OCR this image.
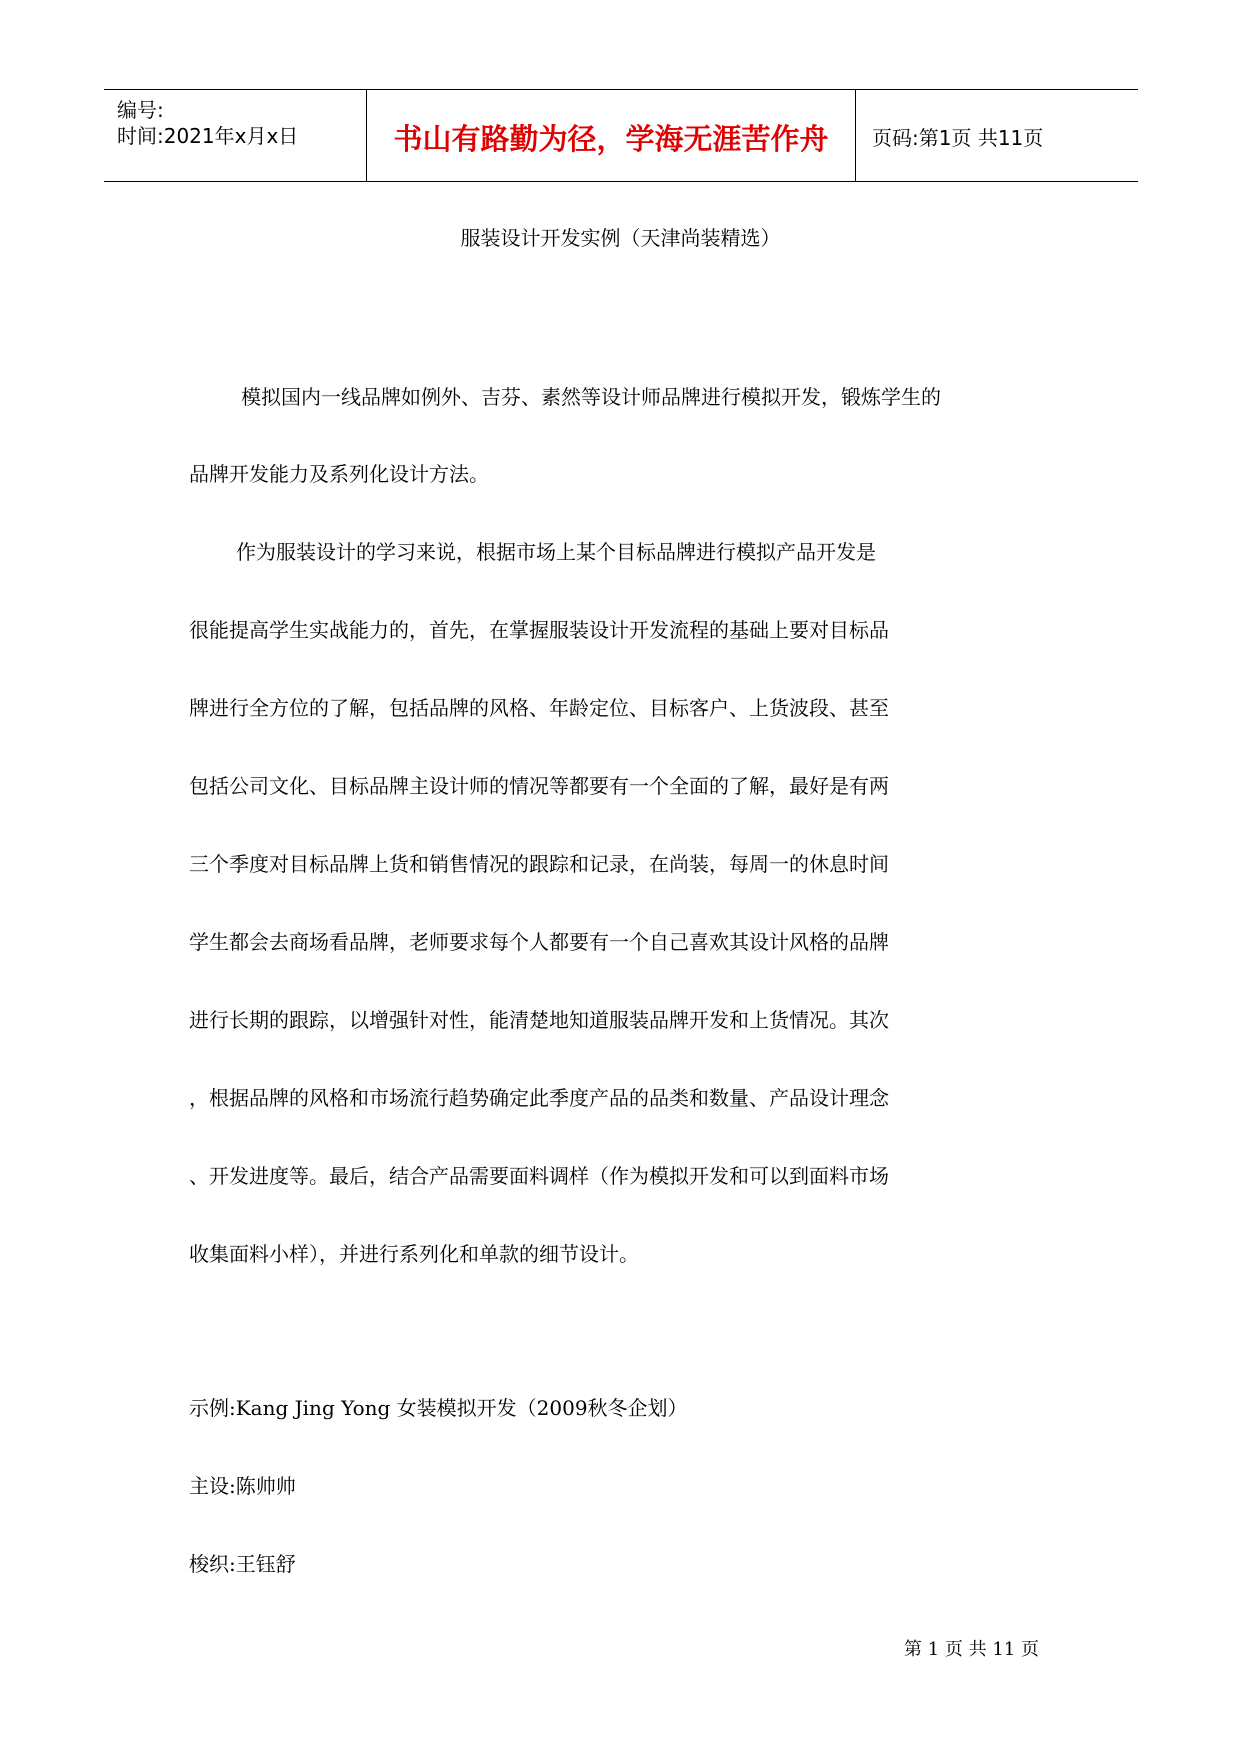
编号:
时间:2021年x月x日	书山有路勤为径，学海无涯苦作舟	页码:第1页 共11页
服装设计开发实例（天津尚装精选）
模拟国内一线品牌如例外、吉芬、素然等设计师品牌进行模拟开发，锻炼学生的
品牌开发能力及系列化设计方法。
作为服装设计的学习来说，根据市场上某个目标品牌进行模拟产品开发是
很能提高学生实战能力的，首先，在掌握服装设计开发流程的基础上要对目标品
牌进行全方位的了解，包括品牌的风格、年龄定位、目标客户、上货波段、甚至
包括公司文化、目标品牌主设计师的情况等都要有一个全面的了解，最好是有两
三个季度对目标品牌上货和销售情况的跟踪和记录，在尚装，每周一的休息时间
学生都会去商场看品牌，老师要求每个人都要有一个自己喜欢其设计风格的品牌
进行长期的跟踪，以增强针对性，能清楚地知道服装品牌开发和上货情况。其次
，根据品牌的风格和市场流行趋势确定此季度产品的品类和数量、产品设计理念
、开发进度等。最后，结合产品需要面料调样（作为模拟开发和可以到面料市场
收集面料小样），并进行系列化和单款的细节设计。
示例:Kang Jing Yong 女装模拟开发（2009秋冬企划）
主设:陈帅帅
梭织:王钰舒
第 1 页 共 11 页
